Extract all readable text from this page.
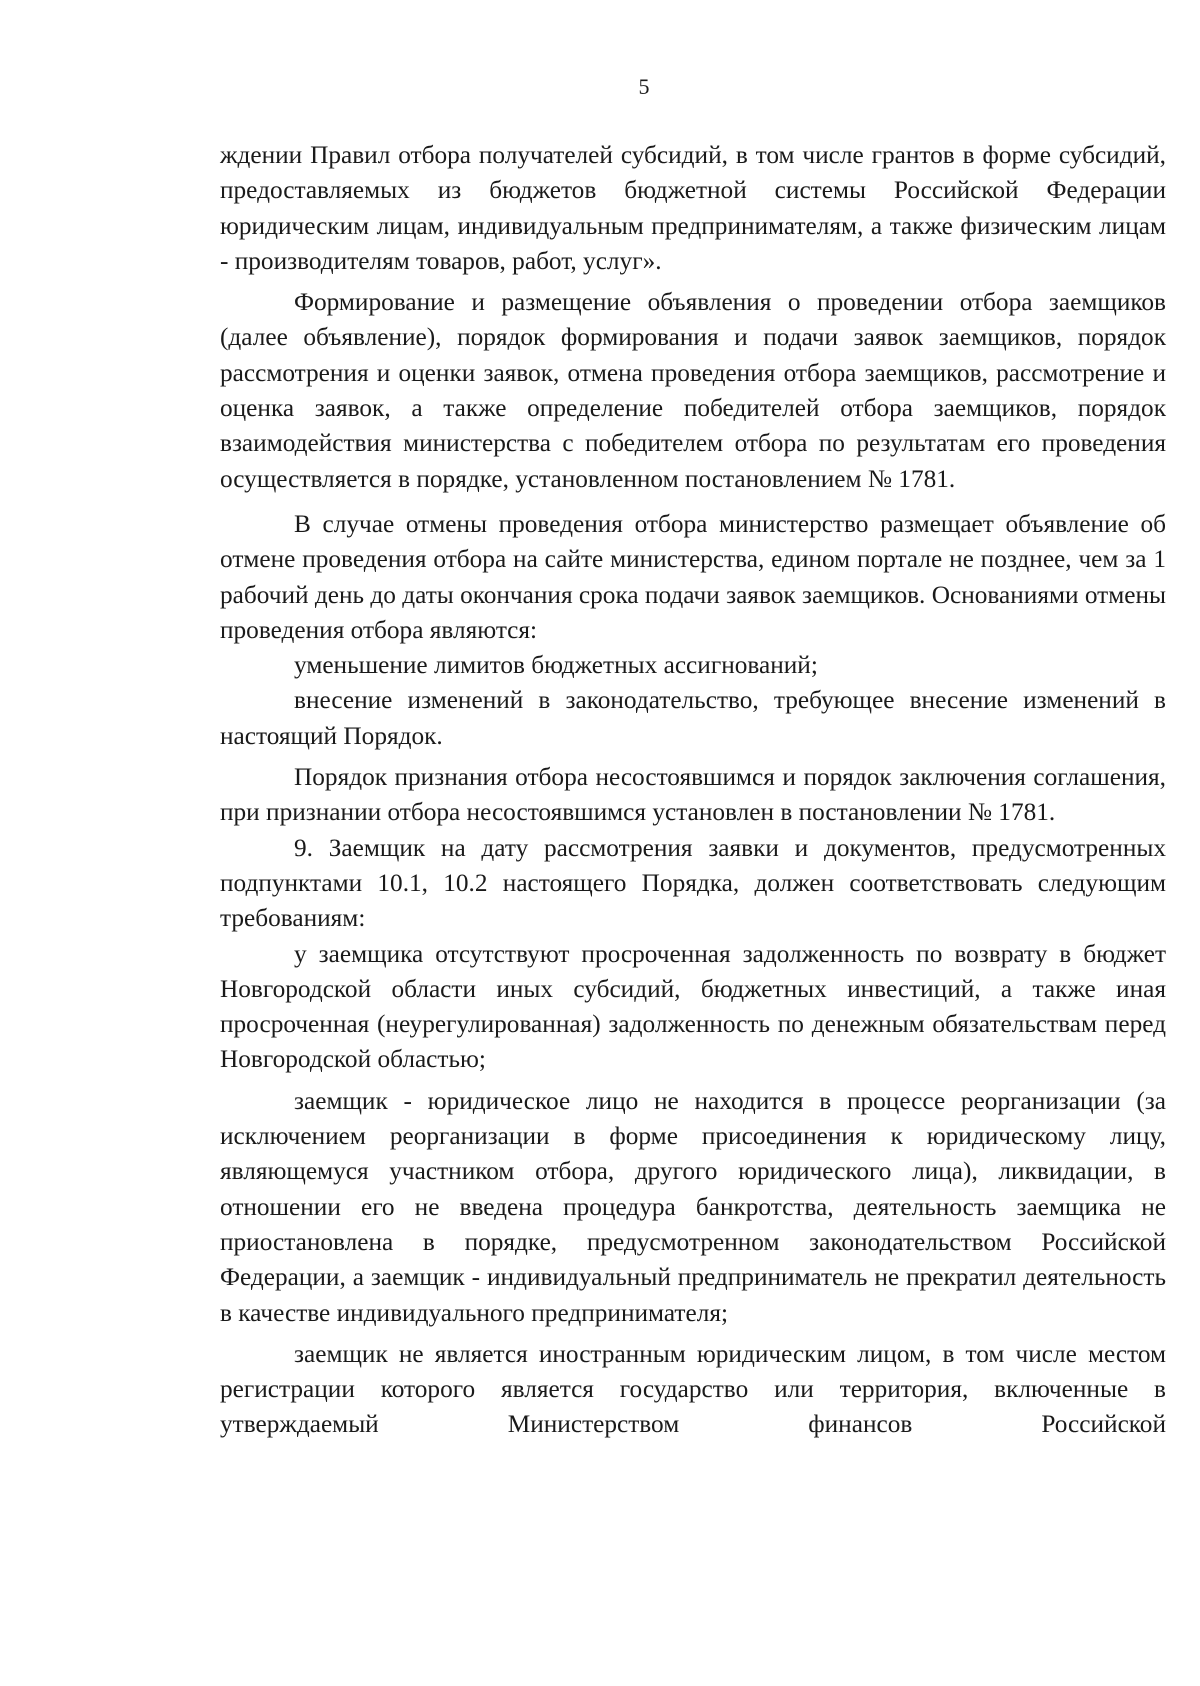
5

ждении Правил отбора получателей субсидий, в том числе грантов в форме субсидий, предоставляемых из бюджетов бюджетной системы Российской Федерации юридическим лицам, индивидуальным предпринимателям, а также физическим лицам - производителям товаров, работ, услуг».

Формирование и размещение объявления о проведении отбора заемщиков (далее объявление), порядок формирования и подачи заявок заемщиков, порядок рассмотрения и оценки заявок, отмена проведения отбора заемщиков, рассмотрение и оценка заявок, а также определение победителей отбора заемщиков, порядок взаимодействия министерства с победителем отбора по результатам его проведения осуществляется в порядке, установленном постановлением № 1781.

В случае отмены проведения отбора министерство размещает объявление об отмене проведения отбора на сайте министерства, едином портале не позднее, чем за 1 рабочий день до даты окончания срока подачи заявок заемщиков. Основаниями отмены проведения отбора являются:

уменьшение лимитов бюджетных ассигнований;

внесение изменений в законодательство, требующее внесение изменений в настоящий Порядок.

Порядок признания отбора несостоявшимся и порядок заключения соглашения, при признании отбора несостоявшимся установлен в постановлении № 1781.

9. Заемщик на дату рассмотрения заявки и документов, предусмотренных подпунктами 10.1, 10.2 настоящего Порядка, должен соответствовать следующим требованиям:

у заемщика отсутствуют просроченная задолженность по возврату в бюджет Новгородской области иных субсидий, бюджетных инвестиций, а также иная просроченная (неурегулированная) задолженность по денежным обязательствам перед Новгородской областью;

заемщик - юридическое лицо не находится в процессе реорганизации (за исключением реорганизации в форме присоединения к юридическому лицу, являющемуся участником отбора, другого юридического лица), ликвидации, в отношении его не введена процедура банкротства, деятельность заемщика не приостановлена в порядке, предусмотренном законодательством Российской Федерации, а заемщик - индивидуальный предприниматель не прекратил деятельность в качестве индивидуального предпринимателя;

заемщик не является иностранным юридическим лицом, в том числе местом регистрации которого является государство или территория, включенные в утверждаемый Министерством финансов Российской
